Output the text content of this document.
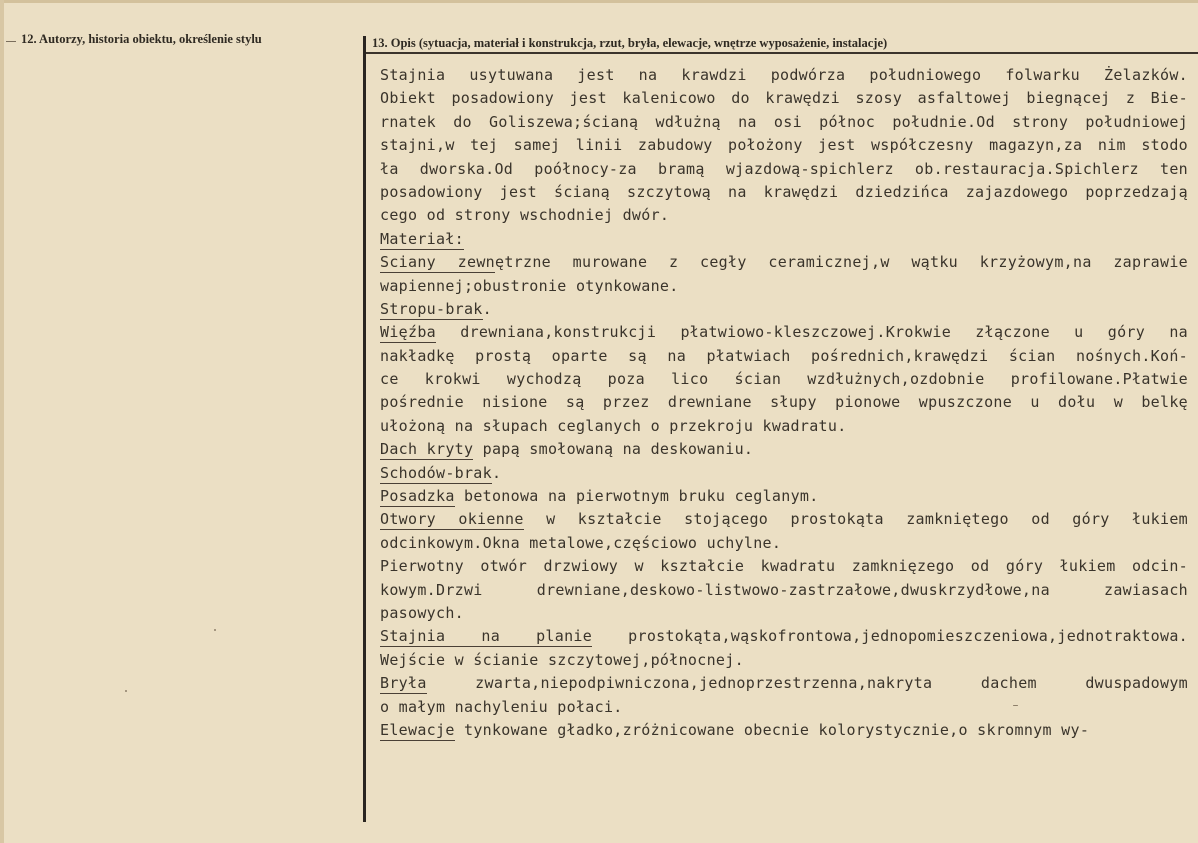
12. Autorzy, historia obiektu, określenie stylu	13. Opis (sytuacja, materiał i konstrukcja, rzut, bryła, elewacje, wnętrze wyposażenie, instalacje)
Stajnia usytuwana jest na krawdzi podwórza południowego folwarku Żelazków.
Obiekt posadowiony jest kalenicowo do krawędzi szosy asfaltowej biegnącej z Bie-
rnatek do Goliszewa;ścianą wdłużną na osi północ południe.Od strony południowej
stajni,w tej samej linii zabudowy położony jest współczesny magazyn,za nim stodo
ła dworska.Od poółnocy-za bramą wjazdową-spichlerz ob.restauracja.Spichlerz ten
posadowiony jest ścianą szczytową na krawędzi dziedzińca zajazdowego poprzedzają
cego od strony wschodniej dwór.
Materiał:
Sciany zewnętrzne murowane z cegły ceramicznej,w wątku krzyżowym,na zaprawie
wapiennej;obustronie otynkowane.
Stropu-brak.
Więźba drewniana,konstrukcji płatwiowo-kleszczowej.Krokwie złączone u góry na
nakładkę prostą oparte są na płatwiach pośrednich,krawędzi ścian nośnych.Koń-
ce krokwi wychodzą poza lico ścian wzdłużnych,ozdobnie profilowane.Płatwie
pośrednie nisione są przez drewniane słupy pionowe wpuszczone u dołu w belkę
ułożoną na słupach ceglanych o przekroju kwadratu.
Dach kryty papą smołowaną na deskowaniu.
Schodów-brak.
Posadzka betonowa na pierwotnym bruku ceglanym.
Otwory okienne w kształcie stojącego prostokąta zamkniętego od góry łukiem
odcinkowym.Okna metalowe,częściowo uchylne.
Pierwotny otwór drzwiowy w kształcie kwadratu zamknięzego od góry łukiem odcin-
kowym.Drzwi drewniane,deskowo-listwowo-zastrzałowe,dwuskrzydłowe,na zawiasach
pasowych.
Stajnia na planie prostokąta,wąskofrontowa,jednopomieszczeniowa,jednotraktowa.
Wejście w ścianie szczytowej,północnej.
Bryła zwarta,niepodpiwniczona,jednoprzestrzenna,nakryta dachem dwuspadowym
o małym nachyleniu połaci.
Elewacje tynkowane gładko,zróżnicowane obecnie kolorystycznie,o skromnym wy-
